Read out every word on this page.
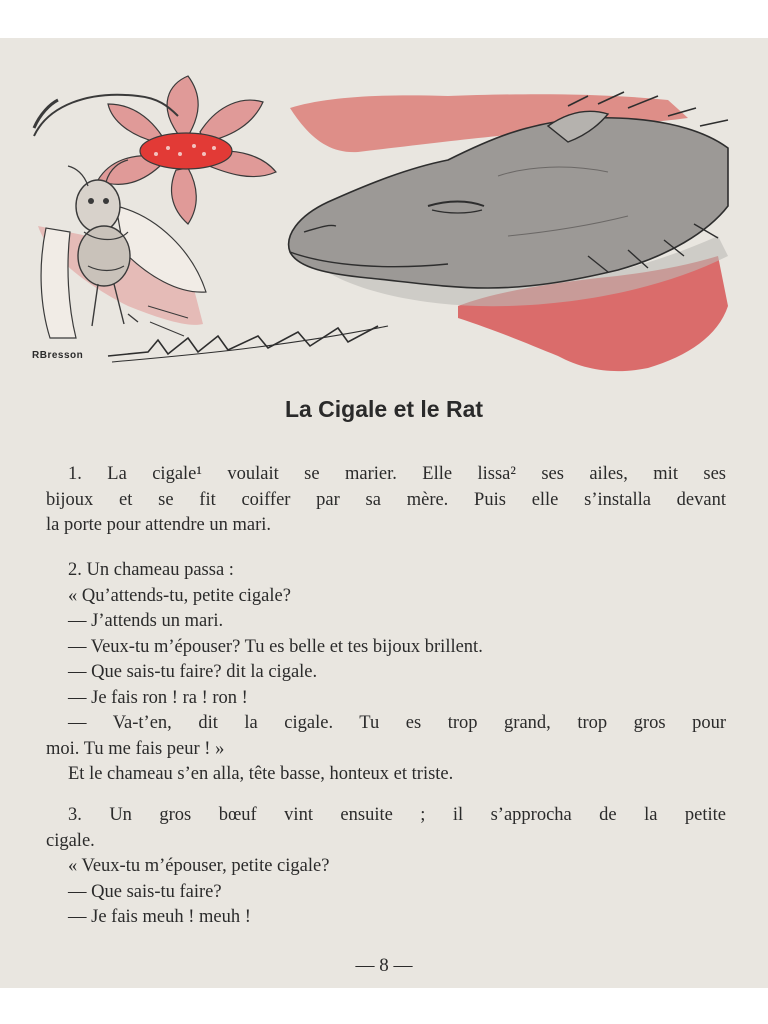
RBresson
La Cigale et le Rat
1. La cigale¹ voulait se marier. Elle lissa² ses ailes, mit ses
bijoux et se fit coiffer par sa mère. Puis elle s’installa devant
la porte pour attendre un mari.
2. Un chameau passa :
« Qu’attends-tu, petite cigale?
— J’attends un mari.
— Veux-tu m’épouser? Tu es belle et tes bijoux brillent.
— Que sais-tu faire? dit la cigale.
— Je fais ron ! ra ! ron !
— Va-t’en, dit la cigale. Tu es trop grand, trop gros pour
moi. Tu me fais peur ! »
Et le chameau s’en alla, tête basse, honteux et triste.
3. Un gros bœuf vint ensuite ; il s’approcha de la petite
cigale.
« Veux-tu m’épouser, petite cigale?
— Que sais-tu faire?
— Je fais meuh ! meuh !
— 8 —
